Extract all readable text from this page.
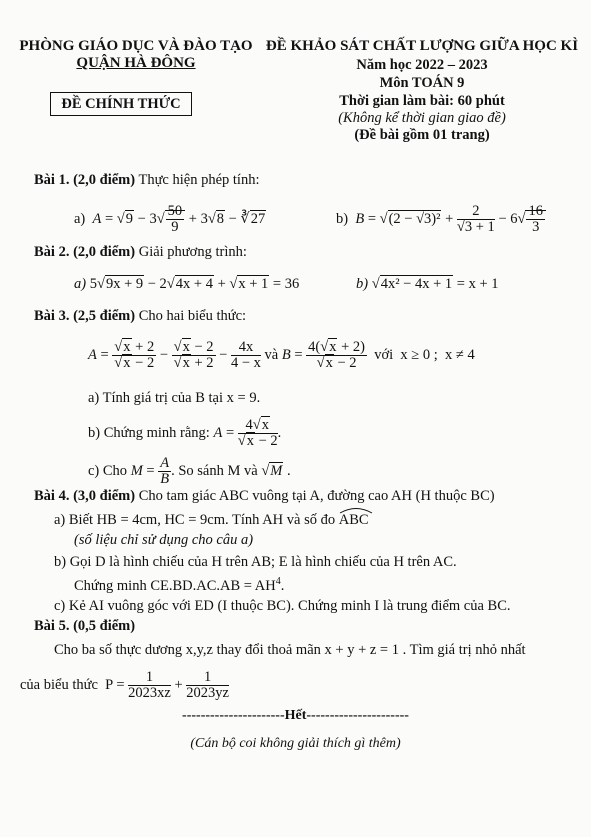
PHÒNG GIÁO DỤC VÀ ĐÀO TẠO
QUẬN HÀ ĐÔNG
ĐỀ CHÍNH THỨC
ĐỀ KHẢO SÁT CHẤT LƯỢNG GIỮA HỌC KÌ
Năm học 2022 – 2023
Môn TOÁN 9
Thời gian làm bài: 60 phút
(Không kể thời gian giao đề)
(Đề bài gồm 01 trang)
Bài 1. (2,0 điểm) Thực hiện phép tính:
a)  $A = √9 - 3√ \frac{50}{9} + 3√8$ − ∛27	b)  $B = √(2 - √3)^2 + \frac{2}{√3 + 1} - 6√ \frac{16}{3}$
Bài 2. (2,0 điểm) Giải phương trình:
a) 5√9x + 9 − 2√4x + 4 + √x + 1 = 36	b) √4x² − 4x + 1 = x + 1
Bài 3. (2,5 điểm) Cho hai biểu thức:
$A = \frac{√x + 2}{√x - 2} - \frac{√x - 2}{√x + 2} - \frac{4x}{4 - x}$ và $B = \frac{4(√x + 2)}{√x - 2}$ với  x ≥ 0 ;  x ≠ 4
a) Tính giá trị của B tại x = 9.
b) Chứng minh rằng: $A = \frac{4√x}{√x - 2}$ .
c) Cho $M = \frac{A}{B}$ . So sánh M và √M .
Bài 4. (3,0 điểm) Cho tam giác ABC vuông tại A, đường cao AH (H thuộc BC)
a) Biết HB = 4cm, HC = 9cm. Tính AH và số đo ABC
(số liệu chỉ sử dụng cho câu a)
b) Gọi D là hình chiếu của H trên AB; E là hình chiếu của H trên AC.
Chứng minh $CE.BD.AC.AB = AH^4$.
c) Kẻ AI vuông góc với ED (I thuộc BC). Chứng minh I là trung điểm của BC.
Bài 5. (0,5 điểm)
Cho ba số thực dương x,y,z thay đổi thoả mãn x + y + z = 1 . Tìm giá trị nhỏ nhất
của biểu thức  $P = \frac{1}{2023xz} + \frac{1}{2023yz}$
----------------------Hết----------------------
(Cán bộ coi không giải thích gì thêm)
